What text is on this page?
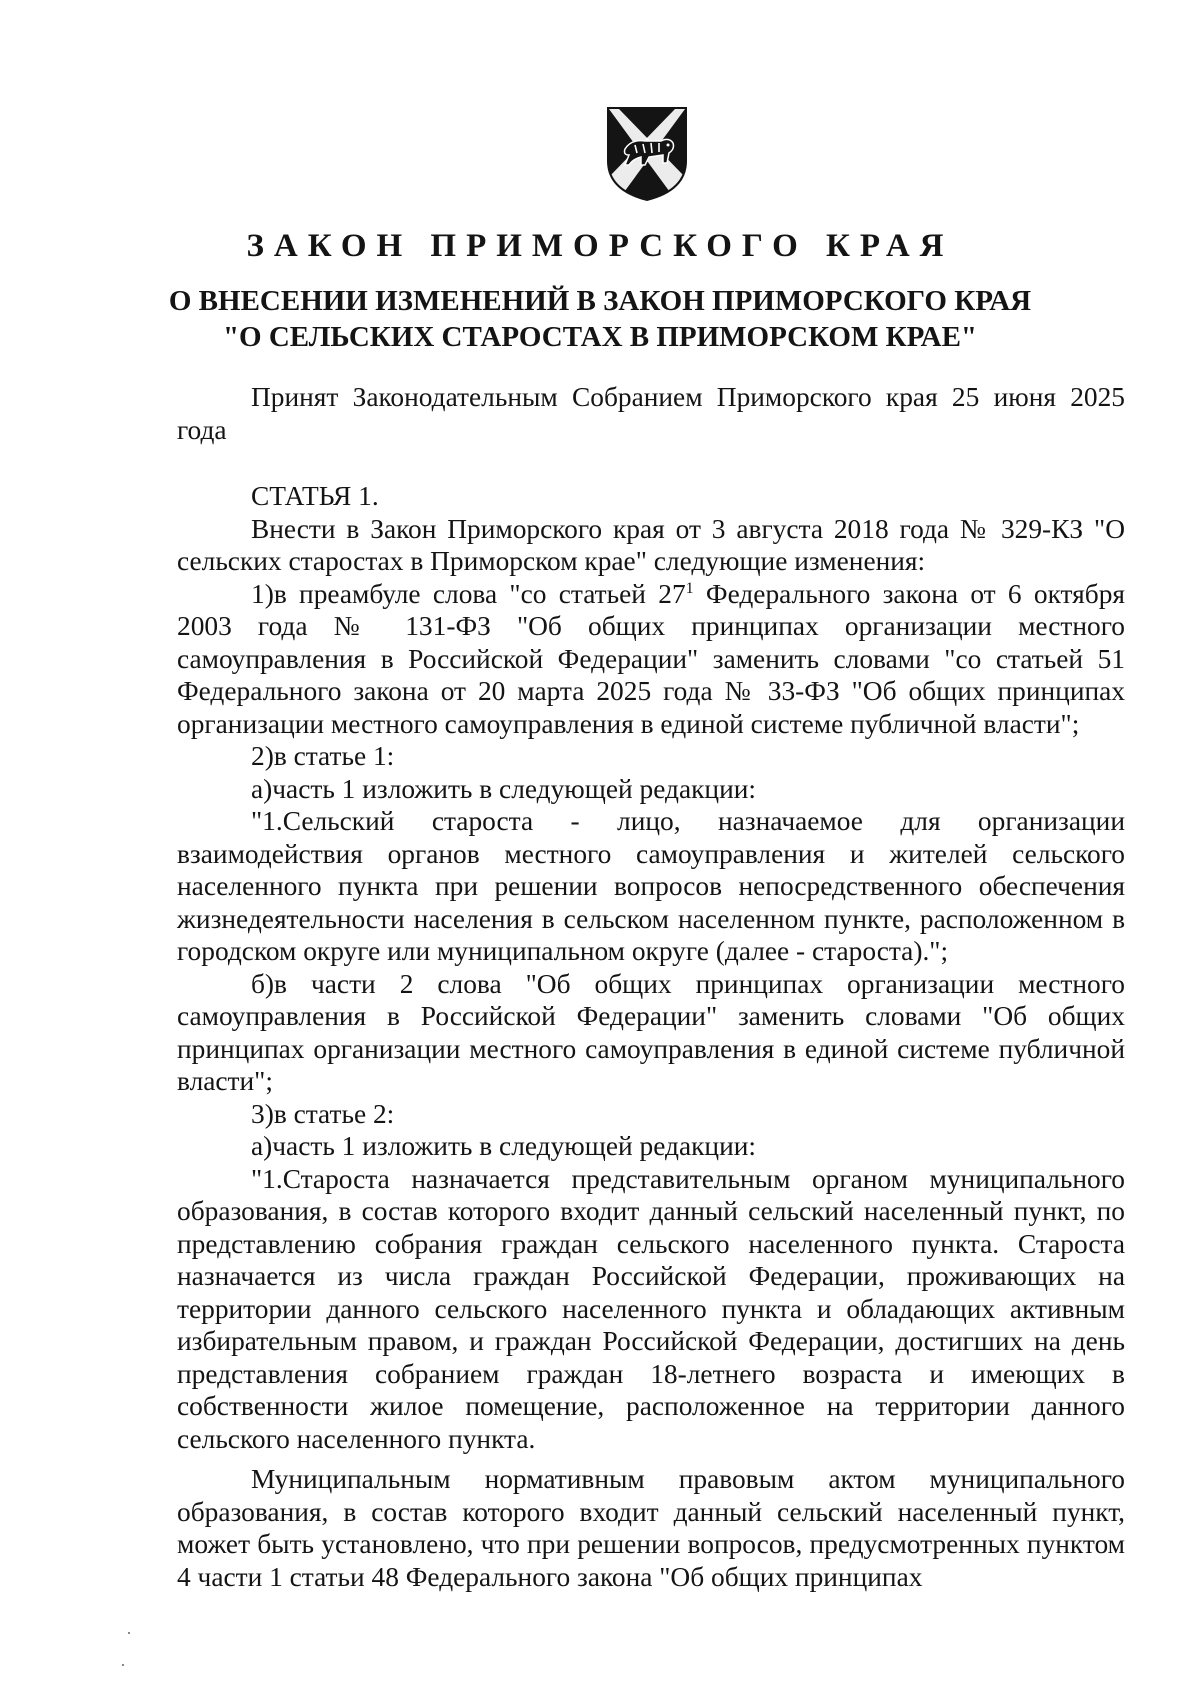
ЗАКОН ПРИМОРСКОГО КРАЯ
О ВНЕСЕНИИ ИЗМЕНЕНИЙ В ЗАКОН ПРИМОРСКОГО КРАЯ
"О СЕЛЬСКИХ СТАРОСТАХ В ПРИМОРСКОМ КРАЕ"

Принят Законодательным Собранием Приморского края 25 июня 2025 года

СТАТЬЯ 1.

Внести в Закон Приморского края от 3 августа 2018 года № 329-КЗ "О сельских старостах в Приморском крае" следующие изменения:

1)в преамбуле слова "со статьей $27^1$ Федерального закона от 6 октября 2003 года № 131-ФЗ "Об общих принципах организации местного самоуправления в Российской Федерации" заменить словами "со статьей 51 Федерального закона от 20 марта 2025 года № 33-ФЗ "Об общих принципах организации местного самоуправления в единой системе публичной власти";

2)в статье 1:

а)часть 1 изложить в следующей редакции:

"1.Сельский староста - лицо, назначаемое для организации взаимодействия органов местного самоуправления и жителей сельского населенного пункта при решении вопросов непосредственного обеспечения жизнедеятельности населения в сельском населенном пункте, расположенном в городском округе или муниципальном округе (далее - староста).";

б)в части 2 слова "Об общих принципах организации местного самоуправления в Российской Федерации" заменить словами "Об общих принципах организации местного самоуправления в единой системе публичной власти";

3)в статье 2:

а)часть 1 изложить в следующей редакции:

"1.Староста назначается представительным органом муниципального образования, в состав которого входит данный сельский населенный пункт, по представлению собрания граждан сельского населенного пункта. Староста назначается из числа граждан Российской Федерации, проживающих на территории данного сельского населенного пункта и обладающих активным избирательным правом, и граждан Российской Федерации, достигших на день представления собранием граждан 18-летнего возраста и имеющих в собственности жилое помещение, расположенное на территории данного сельского населенного пункта.

Муниципальным нормативным правовым актом муниципального образования, в состав которого входит данный сельский населенный пункт, может быть установлено, что при решении вопросов, предусмотренных пунктом 4 части 1 статьи 48 Федерального закона "Об общих принципах
